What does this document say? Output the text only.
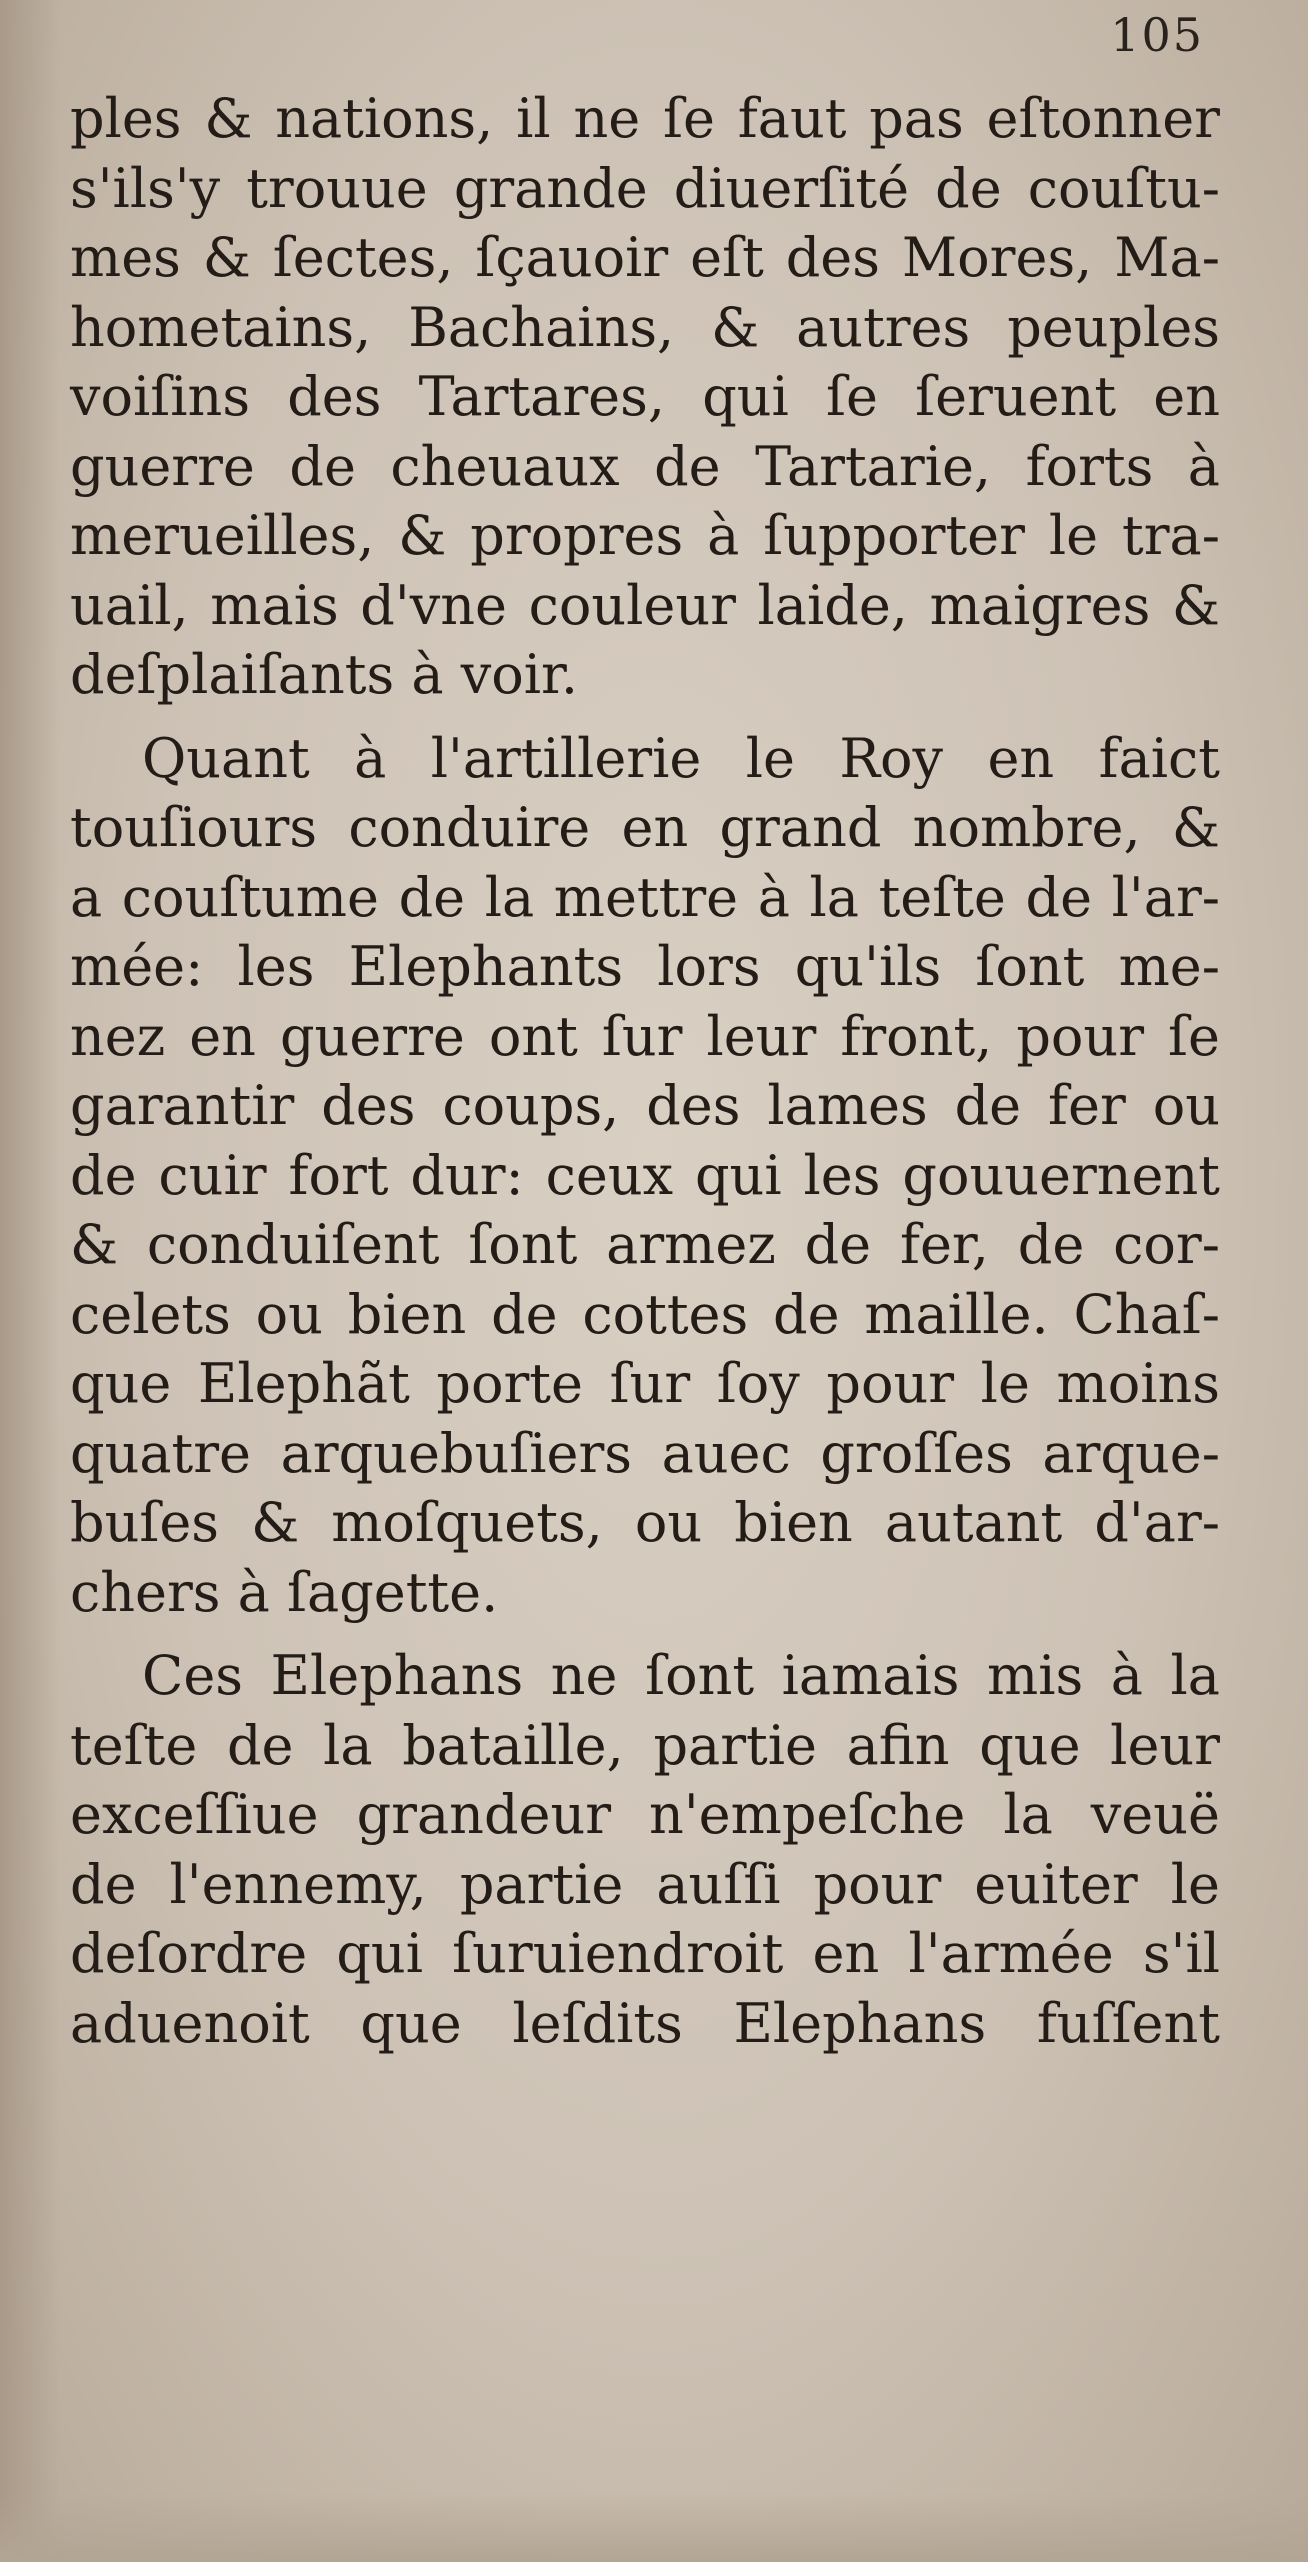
105
ples & nations, il ne ſe faut pas eſtonner
s'ils'y trouue grande diuerſité de couſtu-
mes & ſectes, ſçauoir eſt des Mores, Ma-
hometains, Bachains, & autres peuples
voiſins des Tartares, qui ſe ſeruent en
guerre de cheuaux de Tartarie, forts à
merueilles, & propres à ſupporter le tra-
uail, mais d'vne couleur laide, maigres &
deſplaiſants à voir.
Quant à l'artillerie le Roy en faict
touſiours conduire en grand nombre, &
a couſtume de la mettre à la teſte de l'ar-
mée: les Elephants lors qu'ils ſont me-
nez en guerre ont ſur leur front, pour ſe
garantir des coups, des lames de fer ou
de cuir fort dur: ceux qui les gouuernent
& conduiſent ſont armez de fer, de cor-
celets ou bien de cottes de maille. Chaſ-
que Elephãt porte ſur ſoy pour le moins
quatre arquebuſiers auec groſſes arque-
buſes & moſquets, ou bien autant d'ar-
chers à ſagette.
Ces Elephans ne ſont iamais mis à la
teſte de la bataille, partie afin que leur
exceſſiue grandeur n'empeſche la veuë
de l'ennemy, partie auſſi pour euiter le
deſordre qui ſuruiendroit en l'armée s'il
aduenoit que leſdits Elephans fuſſent
